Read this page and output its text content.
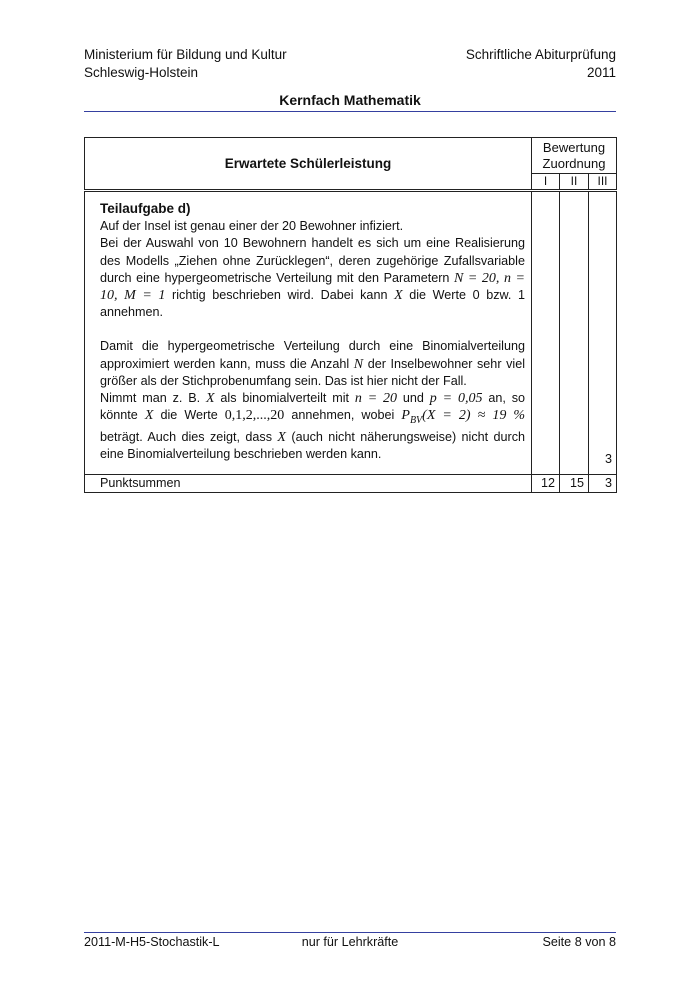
Ministerium für Bildung und Kultur
Schleswig-Holstein
Schriftliche Abiturprüfung
2011
Kernfach Mathematik
Erwartete Schülerleistung	Bewertung
Zuordnung		

	I	II	III

Teilaufgabe d)

Auf der Insel ist genau einer der 20 Bewohner infiziert.
Bei der Auswahl von 10 Bewohnern handelt es sich um eine Realisierung des Modells „Ziehen ohne Zurücklegen“, deren zugehörige Zufallsvariable durch eine hypergeometrische Verteilung mit den Parametern N = 20, n = 10, M = 1 richtig beschrieben wird. Dabei kann X die Werte 0 bzw. 1 annehmen.

Damit die hypergeometrische Verteilung durch eine Binomialverteilung approximiert werden kann, muss die Anzahl N der Inselbewohner sehr viel größer als der Stichprobenumfang sein. Das ist hier nicht der Fall.
Nimmt man z. B. X als binomialverteilt mit n = 20 und p = 0,05 an, so könnte X die Werte 0,1,2,...,20 annehmen, wobei $P_{BV}(X = 2) \approx 19$ % beträgt. Auch dies zeigt, dass X (auch nicht näherungsweise) nicht durch eine Binomialverteilung beschrieben werden kann.			3
Punktsummen	12	15	3
2011-M-H5-Stochastik-L	nur für Lehrkräfte	Seite 8 von 8
